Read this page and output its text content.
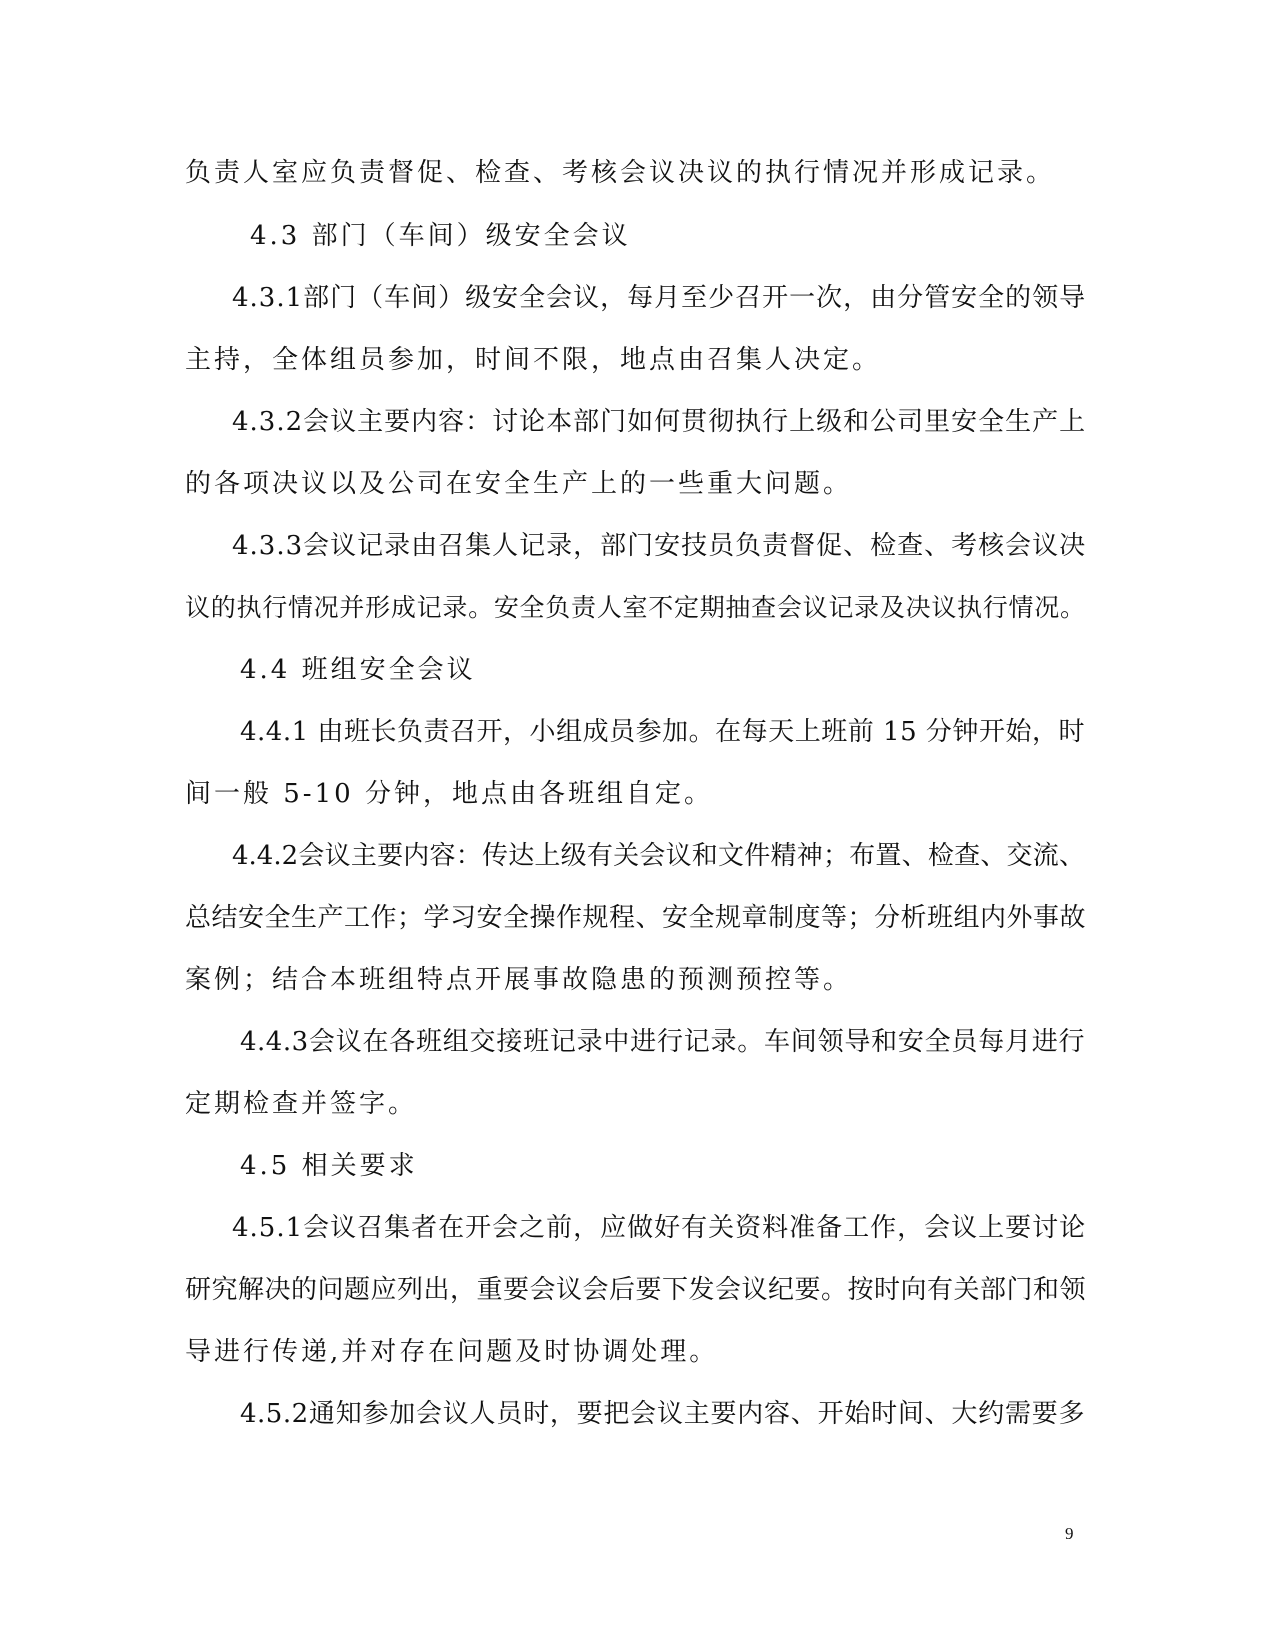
负责人室应负责督促、检查、考核会议决议的执行情况并形成记录。
4.3 部门（车间）级安全会议
4.3.1部门（车间）级安全会议，每月至少召开一次，由分管安全的领导
主持，全体组员参加，时间不限，地点由召集人决定。
4.3.2会议主要内容：讨论本部门如何贯彻执行上级和公司里安全生产上
的各项决议以及公司在安全生产上的一些重大问题。
4.3.3会议记录由召集人记录，部门安技员负责督促、检查、考核会议决
议的执行情况并形成记录。安全负责人室不定期抽查会议记录及决议执行情况。
4.4 班组安全会议
4.4.1 由班长负责召开，小组成员参加。在每天上班前 15 分钟开始，时
间一般 5-10 分钟，地点由各班组自定。
4.4.2会议主要内容：传达上级有关会议和文件精神；布置、检查、交流、
总结安全生产工作；学习安全操作规程、安全规章制度等；分析班组内外事故
案例；结合本班组特点开展事故隐患的预测预控等。
4.4.3会议在各班组交接班记录中进行记录。车间领导和安全员每月进行
定期检查并签字。
4.5 相关要求
4.5.1会议召集者在开会之前，应做好有关资料准备工作，会议上要讨论
研究解决的问题应列出，重要会议会后要下发会议纪要。按时向有关部门和领
导进行传递,并对存在问题及时协调处理。
4.5.2通知参加会议人员时，要把会议主要内容、开始时间、大约需要多
9
